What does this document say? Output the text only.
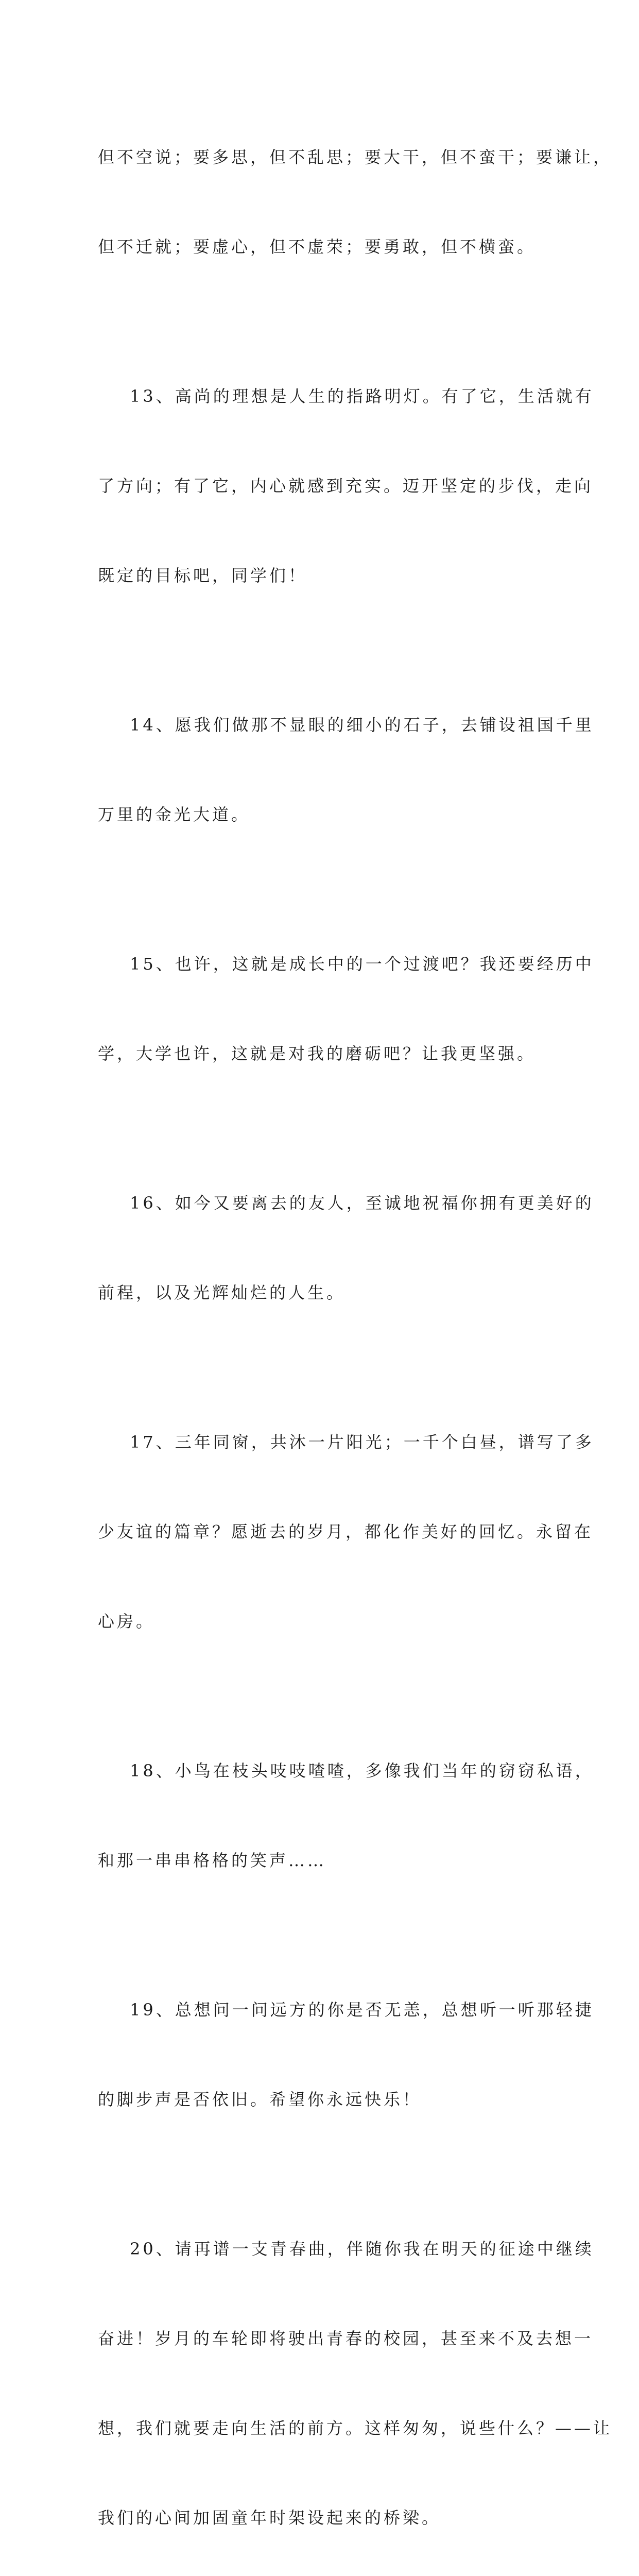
但不空说；要多思，但不乱思；要大干，但不蛮干；要谦让，

但不迁就；要虚心，但不虚荣；要勇敢，但不横蛮。

13、高尚的理想是人生的指路明灯。有了它，生活就有

了方向；有了它，内心就感到充实。迈开坚定的步伐，走向

既定的目标吧，同学们！

14、愿我们做那不显眼的细小的石子，去铺设祖国千里

万里的金光大道。

15、也许，这就是成长中的一个过渡吧？我还要经历中

学，大学也许，这就是对我的磨砺吧？让我更坚强。

16、如今又要离去的友人，至诚地祝福你拥有更美好的

前程，以及光辉灿烂的人生。

17、三年同窗，共沐一片阳光；一千个白昼，谱写了多

少友谊的篇章？愿逝去的岁月，都化作美好的回忆。永留在

心房。

18、小鸟在枝头吱吱喳喳，多像我们当年的窃窃私语，

和那一串串格格的笑声……

19、总想问一问远方的你是否无恙，总想听一听那轻捷

的脚步声是否依旧。希望你永远快乐！

20、请再谱一支青春曲，伴随你我在明天的征途中继续

奋进！岁月的车轮即将驶出青春的校园，甚至来不及去想一

想，我们就要走向生活的前方。这样匆匆，说些什么？——让

我们的心间加固童年时架设起来的桥梁。
